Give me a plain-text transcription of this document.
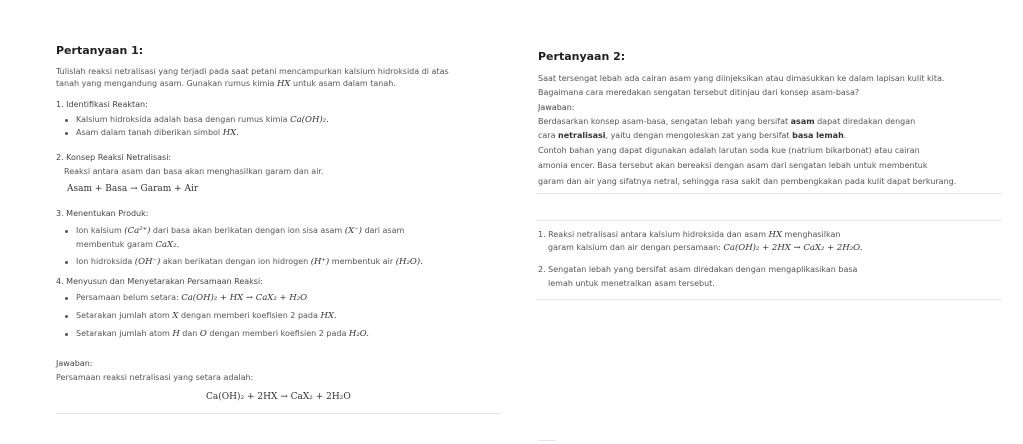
Pertanyaan 1:
Tulislah reaksi netralisasi yang terjadi pada saat petani mencampurkan kalsium hidroksida di atas
tanah yang mengandung asam. Gunakan rumus kimia HX untuk asam dalam tanah.
1. Identifikasi Reaktan:
Kalsium hidroksida adalah basa dengan rumus kimia Ca(OH)₂.
Asam dalam tanah diberikan simbol HX.
2. Konsep Reaksi Netralisasi:
Reaksi antara asam dan basa akan menghasilkan garam dan air.
Asam + Basa → Garam + Air
3. Menentukan Produk:
Ion kalsium (Ca²⁺) dari basa akan berikatan dengan ion sisa asam (X⁻) dari asam
membentuk garam CaX₂.
Ion hidroksida (OH⁻) akan berikatan dengan ion hidrogen (H⁺) membentuk air (H₂O).
4. Menyusun dan Menyetarakan Persamaan Reaksi:
Persamaan belum setara: Ca(OH)₂ + HX → CaX₂ + H₂O
Setarakan jumlah atom X dengan memberi koefisien 2 pada HX.
Setarakan jumlah atom H dan O dengan memberi koefisien 2 pada H₂O.
Jawaban:
Persamaan reaksi netralisasi yang setara adalah:
Ca(OH)₂ + 2HX → CaX₂ + 2H₂O
Pertanyaan 2:
Saat tersengat lebah ada cairan asam yang diinjeksikan atau dimasukkan ke dalam lapisan kulit kita.
Bagaimana cara meredakan sengatan tersebut ditinjau dari konsep asam-basa?
Jawaban:
Berdasarkan konsep asam-basa, sengatan lebah yang bersifat asam dapat diredakan dengan
cara netralisasi, yaitu dengan mengoleskan zat yang bersifat basa lemah.
Contoh bahan yang dapat digunakan adalah larutan soda kue (natrium bikarbonat) atau cairan
amonia encer. Basa tersebut akan bereaksi dengan asam dari sengatan lebah untuk membentuk
garam dan air yang sifatnya netral, sehingga rasa sakit dan pembengkakan pada kulit dapat berkurang.
1. Reaksi netralisasi antara kalsium hidroksida dan asam HX menghasilkan
garam kalsium dan air dengan persamaan: Ca(OH)₂ + 2HX → CaX₂ + 2H₂O.
2. Sengatan lebah yang bersifat asam diredakan dengan mengaplikasikan basa
lemah untuk menetralkan asam tersebut.
